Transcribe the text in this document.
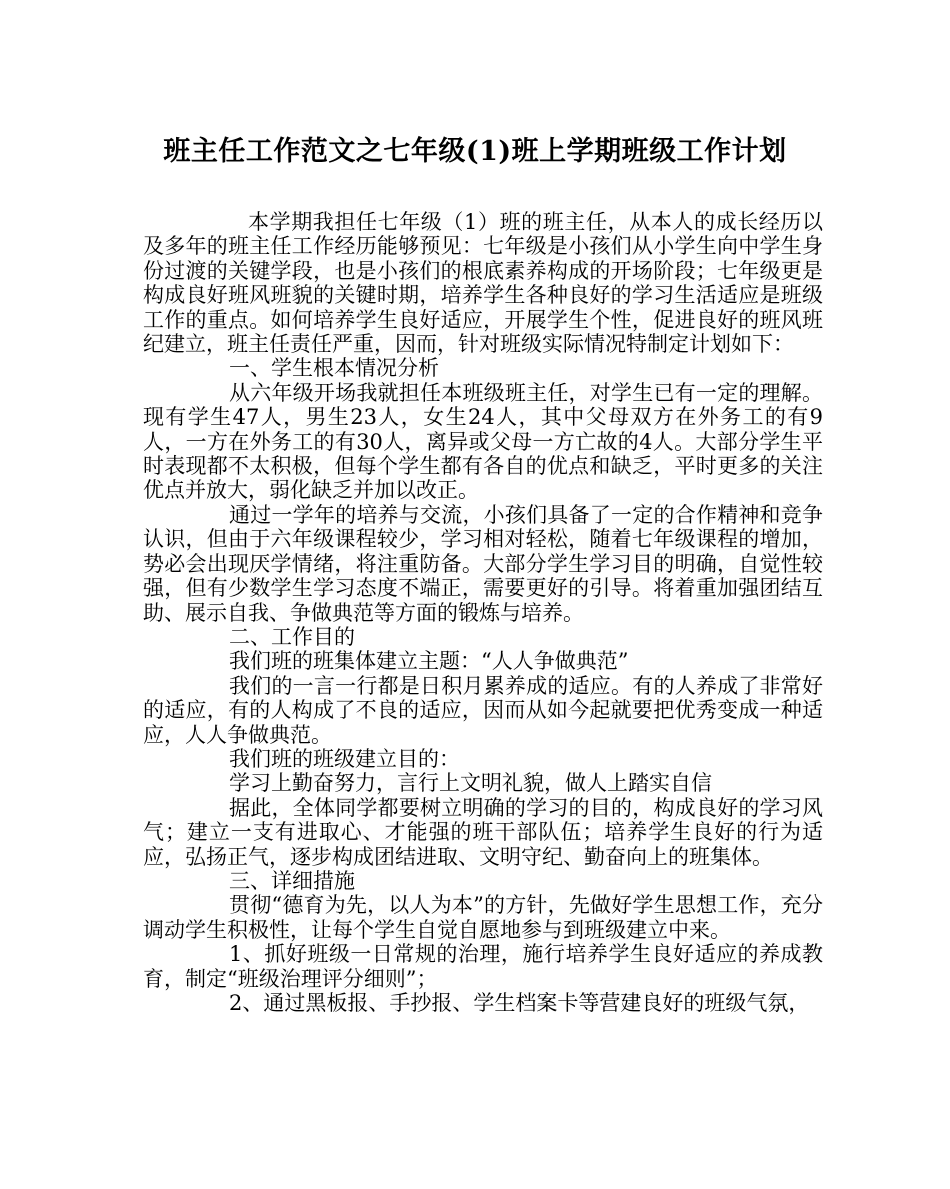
班主任工作范文之七年级(1)班上学期班级工作计划

本学期我担任七年级（1）班的班主任，从本人的成长经历以及多年的班主任工作经历能够预见：七年级是小孩们从小学生向中学生身份过渡的关键学段，也是小孩们的根底素养构成的开场阶段；七年级更是构成良好班风班貌的关键时期，培养学生各种良好的学习生活适应是班级工作的重点。如何培养学生良好适应，开展学生个性，促进良好的班风班纪建立，班主任责任严重，因而，针对班级实际情况特制定计划如下：

一、学生根本情况分析

从六年级开场我就担任本班级班主任，对学生已有一定的理解。现有学生47人，男生23人，女生24人，其中父母双方在外务工的有9人，一方在外务工的有30人，离异或父母一方亡故的4人。大部分学生平时表现都不太积极，但每个学生都有各自的优点和缺乏，平时更多的关注优点并放大，弱化缺乏并加以改正。

通过一学年的培养与交流，小孩们具备了一定的合作精神和竞争认识，但由于六年级课程较少，学习相对轻松，随着七年级课程的增加，势必会出现厌学情绪，将注重防备。大部分学生学习目的明确，自觉性较强，但有少数学生学习态度不端正，需要更好的引导。将着重加强团结互助、展示自我、争做典范等方面的锻炼与培养。

二、工作目的

我们班的班集体建立主题：“人人争做典范”

我们的一言一行都是日积月累养成的适应。有的人养成了非常好的适应，有的人构成了不良的适应，因而从如今起就要把优秀变成一种适应，人人争做典范。

我们班的班级建立目的：

学习上勤奋努力，言行上文明礼貌，做人上踏实自信

据此，全体同学都要树立明确的学习的目的，构成良好的学习风气；建立一支有进取心、才能强的班干部队伍；培养学生良好的行为适应，弘扬正气，逐步构成团结进取、文明守纪、勤奋向上的班集体。

三、详细措施

贯彻“德育为先，以人为本”的方针，先做好学生思想工作，充分调动学生积极性，让每个学生自觉自愿地参与到班级建立中来。

1、抓好班级一日常规的治理，施行培养学生良好适应的养成教育，制定“班级治理评分细则”；

2、通过黑板报、手抄报、学生档案卡等营建良好的班级气氛，
